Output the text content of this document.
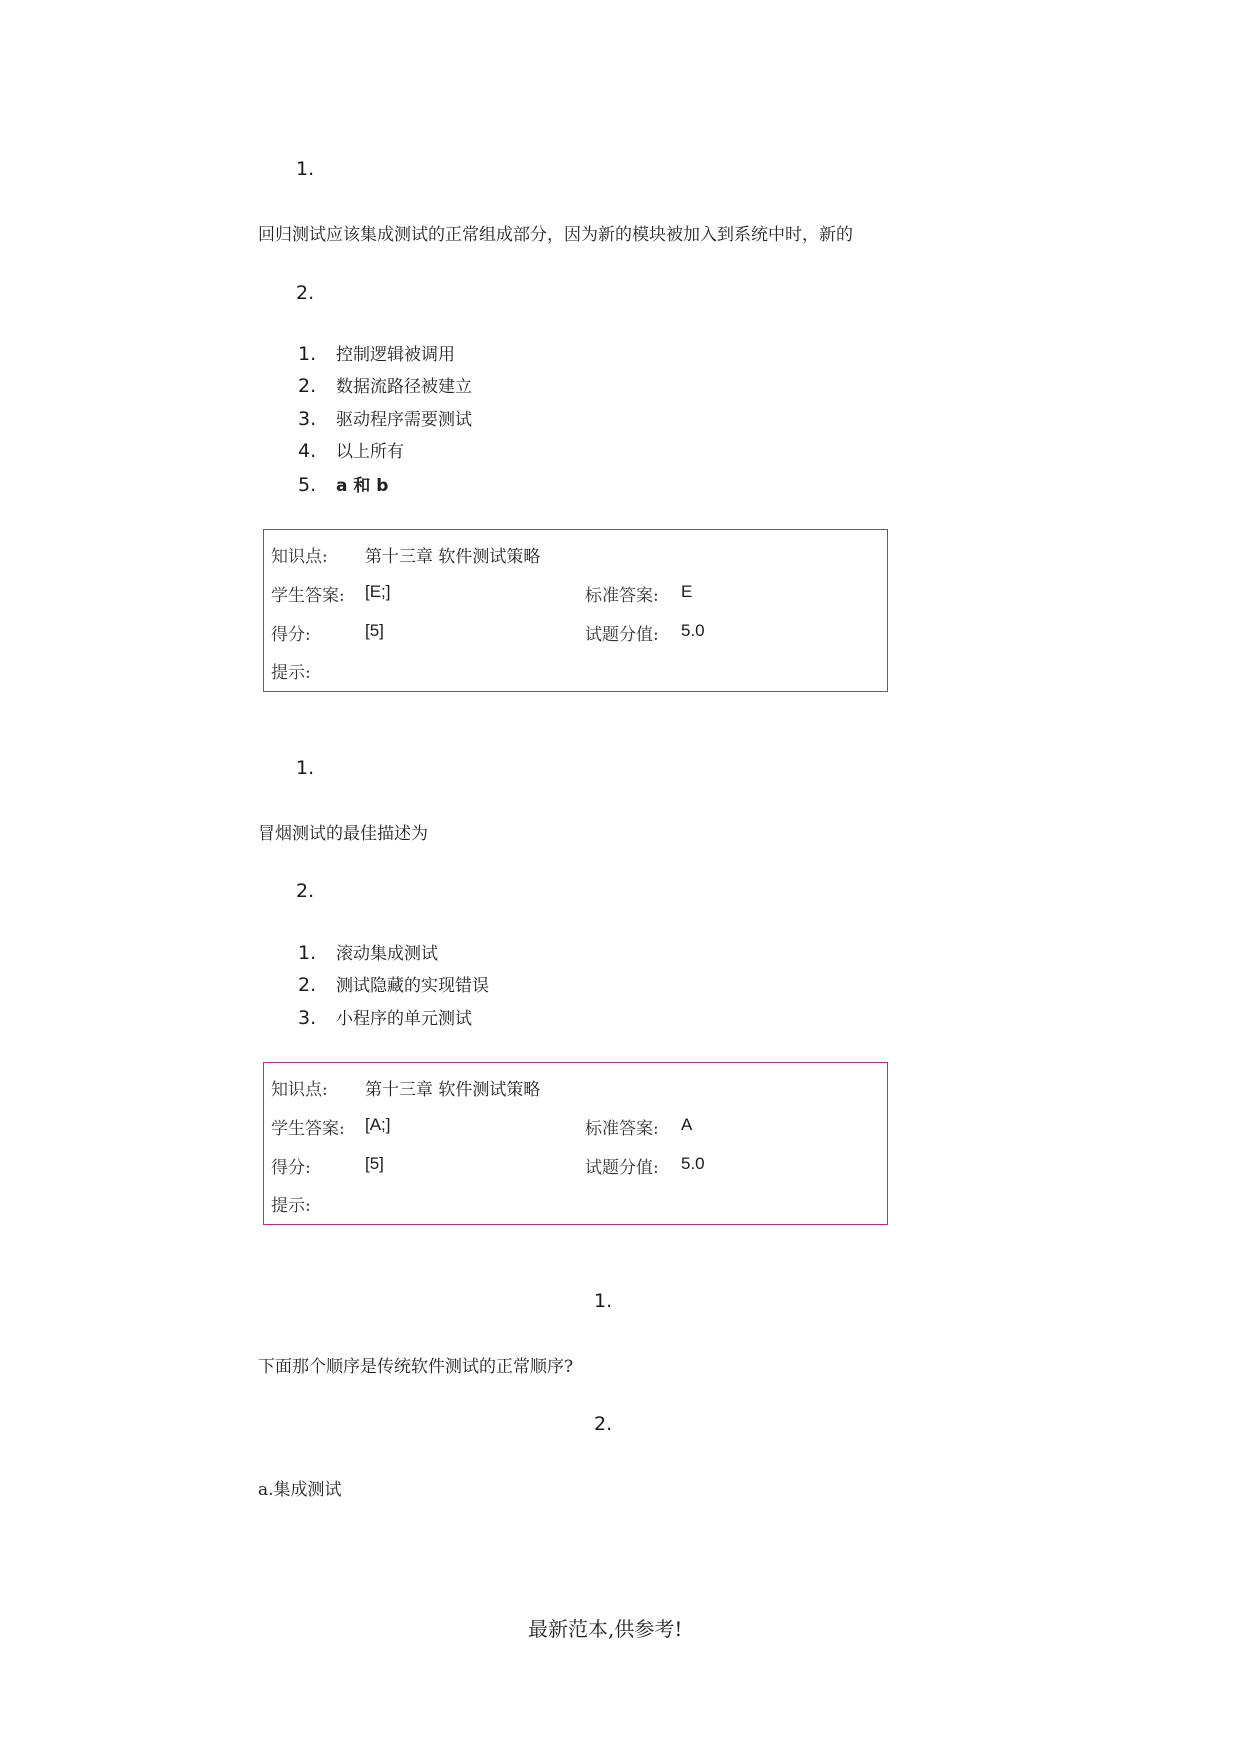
1.
回归测试应该集成测试的正常组成部分，因为新的模块被加入到系统中时，新的
2.
1.	控制逻辑被调用
2.	数据流路径被建立
3.	驱动程序需要测试
4.	以上所有
5.	a 和 b
知识点: 第十三章 软件测试策略
学生答案: [E;]	标准答案: E
得分:	[5]	试题分值: 5.0
提示:
1.
冒烟测试的最佳描述为
2.
1.	滚动集成测试
2.	测试隐藏的实现错误
3.	小程序的单元测试
知识点: 第十三章 软件测试策略
学生答案: [A;]	标准答案: A
得分:	[5]	试题分值: 5.0
提示:
1.
下面那个顺序是传统软件测试的正常顺序?
2.
a.集成测试
最新范本,供参考!
